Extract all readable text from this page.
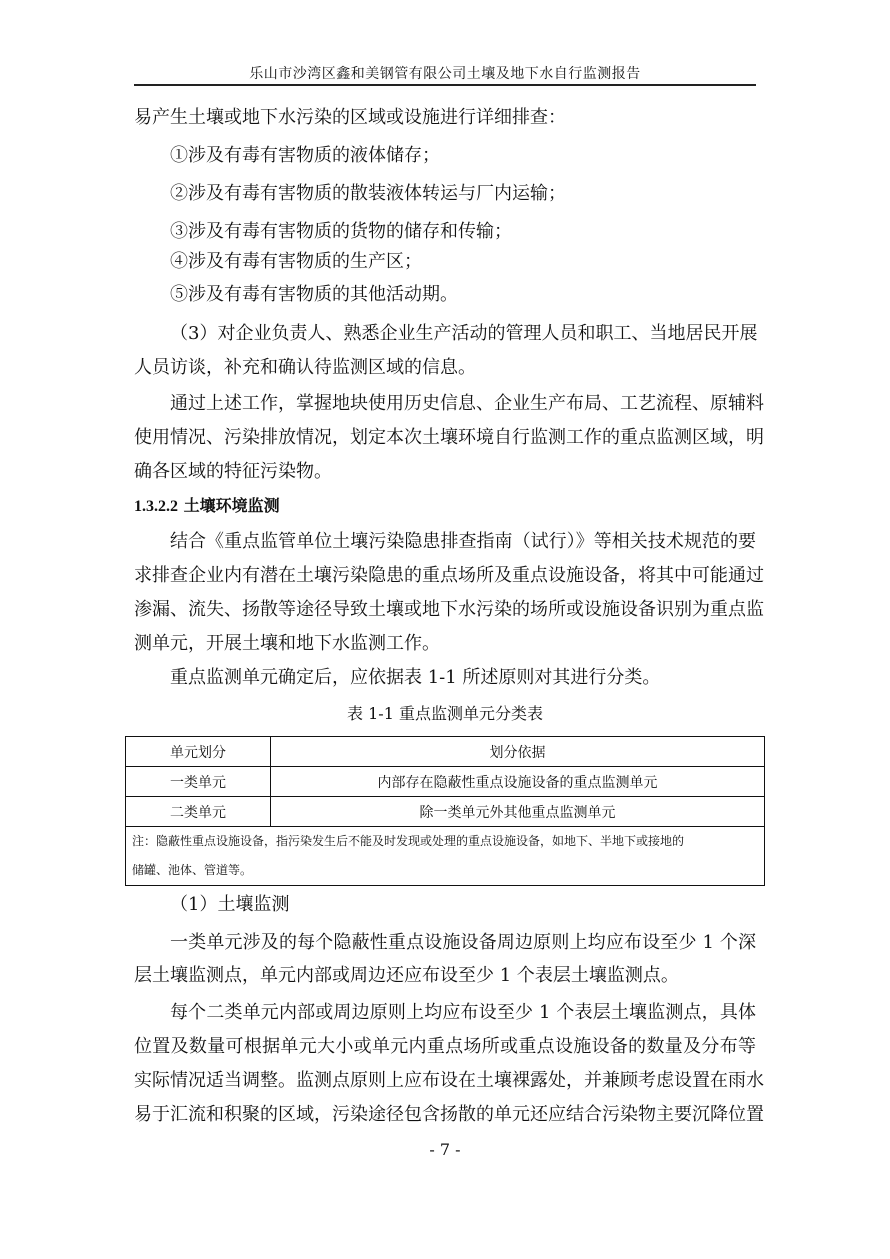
乐山市沙湾区鑫和美钢管有限公司土壤及地下水自行监测报告
易产生土壤或地下水污染的区域或设施进行详细排查：
①涉及有毒有害物质的液体储存；
②涉及有毒有害物质的散装液体转运与厂内运输；
③涉及有毒有害物质的货物的储存和传输；
④涉及有毒有害物质的生产区；
⑤涉及有毒有害物质的其他活动期。
（3）对企业负责人、熟悉企业生产活动的管理人员和职工、当地居民开展
人员访谈，补充和确认待监测区域的信息。
通过上述工作，掌握地块使用历史信息、企业生产布局、工艺流程、原辅料
使用情况、污染排放情况，划定本次土壤环境自行监测工作的重点监测区域，明
确各区域的特征污染物。
1.3.2.2 土壤环境监测
结合《重点监管单位土壤污染隐患排查指南（试行）》等相关技术规范的要
求排查企业内有潜在土壤污染隐患的重点场所及重点设施设备，将其中可能通过
渗漏、流失、扬散等途径导致土壤或地下水污染的场所或设施设备识别为重点监
测单元，开展土壤和地下水监测工作。
重点监测单元确定后，应依据表 1-1 所述原则对其进行分类。
表 1-1 重点监测单元分类表
单元划分	划分依据
一类单元	内部存在隐蔽性重点设施设备的重点监测单元
二类单元	除一类单元外其他重点监测单元

注：隐蔽性重点设施设备，指污染发生后不能及时发现或处理的重点设施设备，如地下、半地下或接地的
储罐、池体、管道等。	
（1）土壤监测
一类单元涉及的每个隐蔽性重点设施设备周边原则上均应布设至少 1 个深
层土壤监测点，单元内部或周边还应布设至少 1 个表层土壤监测点。
每个二类单元内部或周边原则上均应布设至少 1 个表层土壤监测点，具体
位置及数量可根据单元大小或单元内重点场所或重点设施设备的数量及分布等
实际情况适当调整。监测点原则上应布设在土壤裸露处，并兼顾考虑设置在雨水
易于汇流和积聚的区域，污染途径包含扬散的单元还应结合污染物主要沉降位置
- 7 -
